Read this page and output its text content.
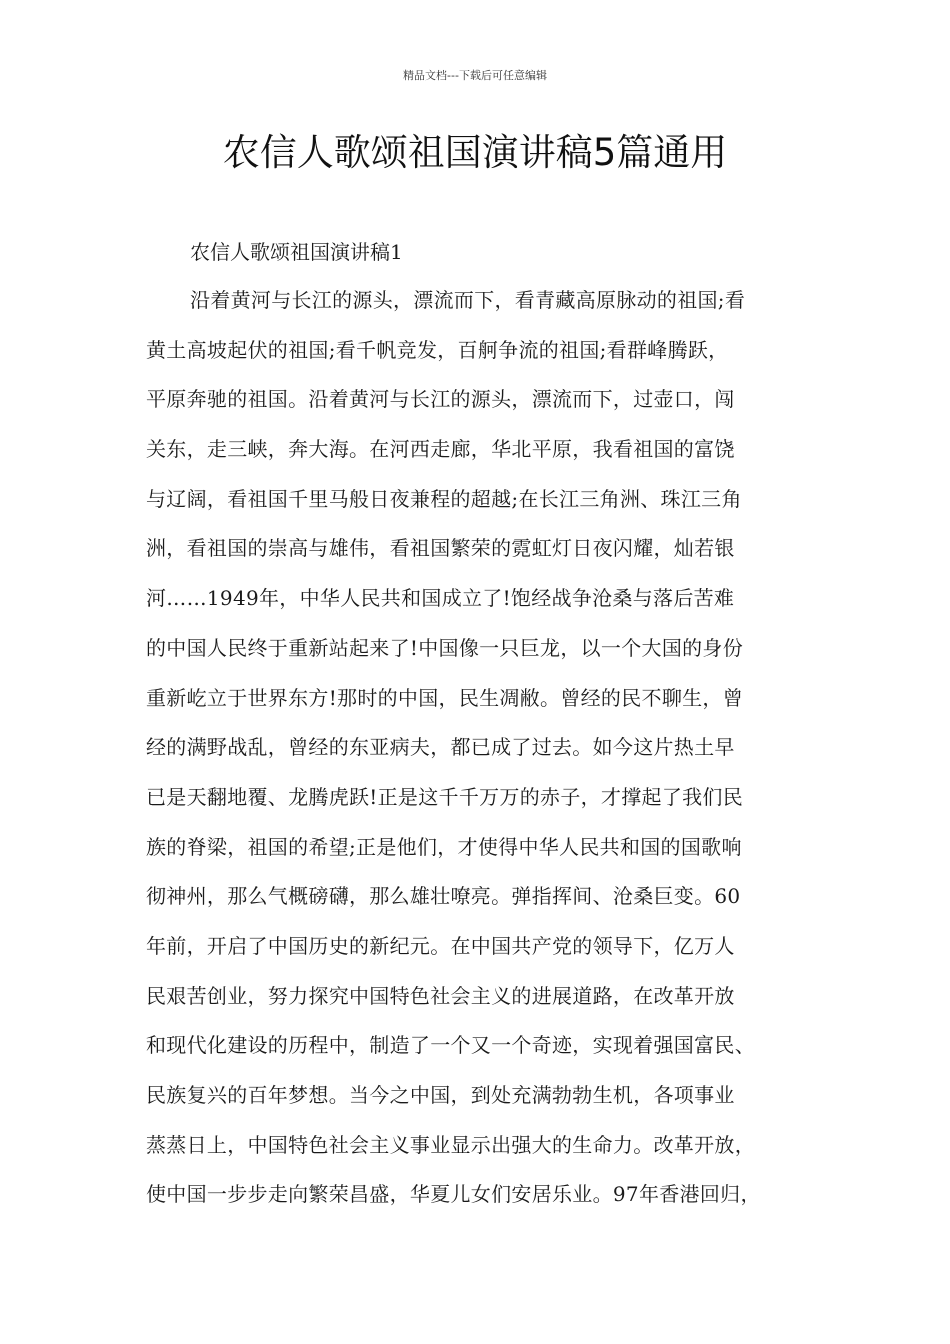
精品文档---下载后可任意编辑
农信人歌颂祖国演讲稿5篇通用
农信人歌颂祖国演讲稿1
沿着黄河与长江的源头，漂流而下，看青藏高原脉动的祖国;看
黄土高坡起伏的祖国;看千帆竞发，百舸争流的祖国;看群峰腾跃，
平原奔驰的祖国。沿着黄河与长江的源头，漂流而下，过壶口，闯
关东，走三峡，奔大海。在河西走廊，华北平原，我看祖国的富饶
与辽阔，看祖国千里马般日夜兼程的超越;在长江三角洲、珠江三角
洲，看祖国的崇高与雄伟，看祖国繁荣的霓虹灯日夜闪耀，灿若银
河……1949年，中华人民共和国成立了!饱经战争沧桑与落后苦难
的中国人民终于重新站起来了!中国像一只巨龙，以一个大国的身份
重新屹立于世界东方!那时的中国，民生凋敝。曾经的民不聊生，曾
经的满野战乱，曾经的东亚病夫，都已成了过去。如今这片热土早
已是天翻地覆、龙腾虎跃!正是这千千万万的赤子，才撑起了我们民
族的脊梁，祖国的希望;正是他们，才使得中华人民共和国的国歌响
彻神州，那么气概磅礴，那么雄壮嘹亮。弹指挥间、沧桑巨变。60
年前，开启了中国历史的新纪元。在中国共产党的领导下，亿万人
民艰苦创业，努力探究中国特色社会主义的进展道路，在改革开放
和现代化建设的历程中，制造了一个又一个奇迹，实现着强国富民、
民族复兴的百年梦想。当今之中国，到处充满勃勃生机，各项事业
蒸蒸日上，中国特色社会主义事业显示出强大的生命力。改革开放，
使中国一步步走向繁荣昌盛，华夏儿女们安居乐业。97年香港回归，
